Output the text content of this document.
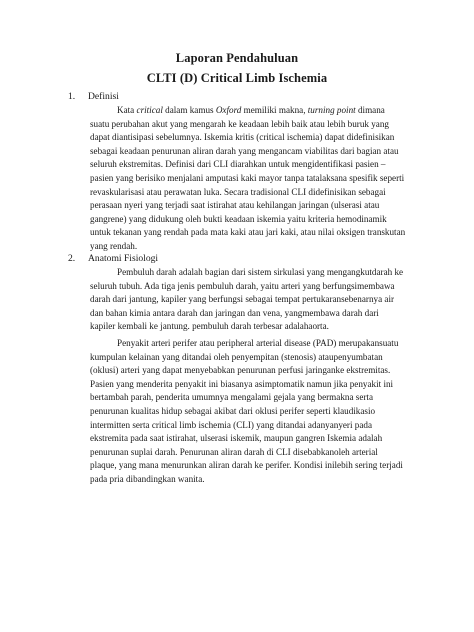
Laporan Pendahuluan
CLTI (D) Critical Limb Ischemia
1. Definisi
Kata critical dalam kamus Oxford memiliki makna, turning point dimana
suatu perubahan akut yang mengarah ke keadaan lebih baik atau lebih buruk yang
dapat diantisipasi sebelumnya. Iskemia kritis (critical ischemia) dapat didefinisikan
sebagai keadaan penurunan aliran darah yang mengancam viabilitas dari bagian atau
seluruh ekstremitas. Definisi dari CLI diarahkan untuk mengidentifikasi pasien –
pasien yang berisiko menjalani amputasi kaki mayor tanpa tatalaksana spesifik seperti
revaskularisasi atau perawatan luka. Secara tradisional CLI didefinisikan sebagai
perasaan nyeri yang terjadi saat istirahat atau kehilangan jaringan (ulserasi atau
gangrene) yang didukung oleh bukti keadaan iskemia yaitu kriteria hemodinamik
untuk tekanan yang rendah pada mata kaki atau jari kaki, atau nilai oksigen transkutan
yang rendah.
2. Anatomi Fisiologi
Pembuluh darah adalah bagian dari sistem sirkulasi yang mengangkutdarah ke
seluruh tubuh. Ada tiga jenis pembuluh darah, yaitu arteri yang berfungsimembawa
darah dari jantung, kapiler yang berfungsi sebagai tempat pertukaransebenarnya air
dan bahan kimia antara darah dan jaringan dan vena, yangmembawa darah dari
kapiler kembali ke jantung. pembuluh darah terbesar adalahaorta.
Penyakit arteri perifer atau peripheral arterial disease (PAD) merupakansuatu
kumpulan kelainan yang ditandai oleh penyempitan (stenosis) ataupenyumbatan
(oklusi) arteri yang dapat menyebabkan penurunan perfusi jaringanke ekstremitas.
Pasien yang menderita penyakit ini biasanya asimptomatik namun jika penyakit ini
bertambah parah, penderita umumnya mengalami gejala yang bermakna serta
penurunan kualitas hidup sebagai akibat dari oklusi perifer seperti klaudikasio
intermitten serta critical limb ischemia (CLI) yang ditandai adanyanyeri pada
ekstremita pada saat istirahat, ulserasi iskemik, maupun gangren Iskemia adalah
penurunan suplai darah. Penurunan aliran darah di CLI disebabkanoleh arterial
plaque, yang mana menurunkan aliran darah ke perifer. Kondisi inilebih sering terjadi
pada pria dibandingkan wanita.
